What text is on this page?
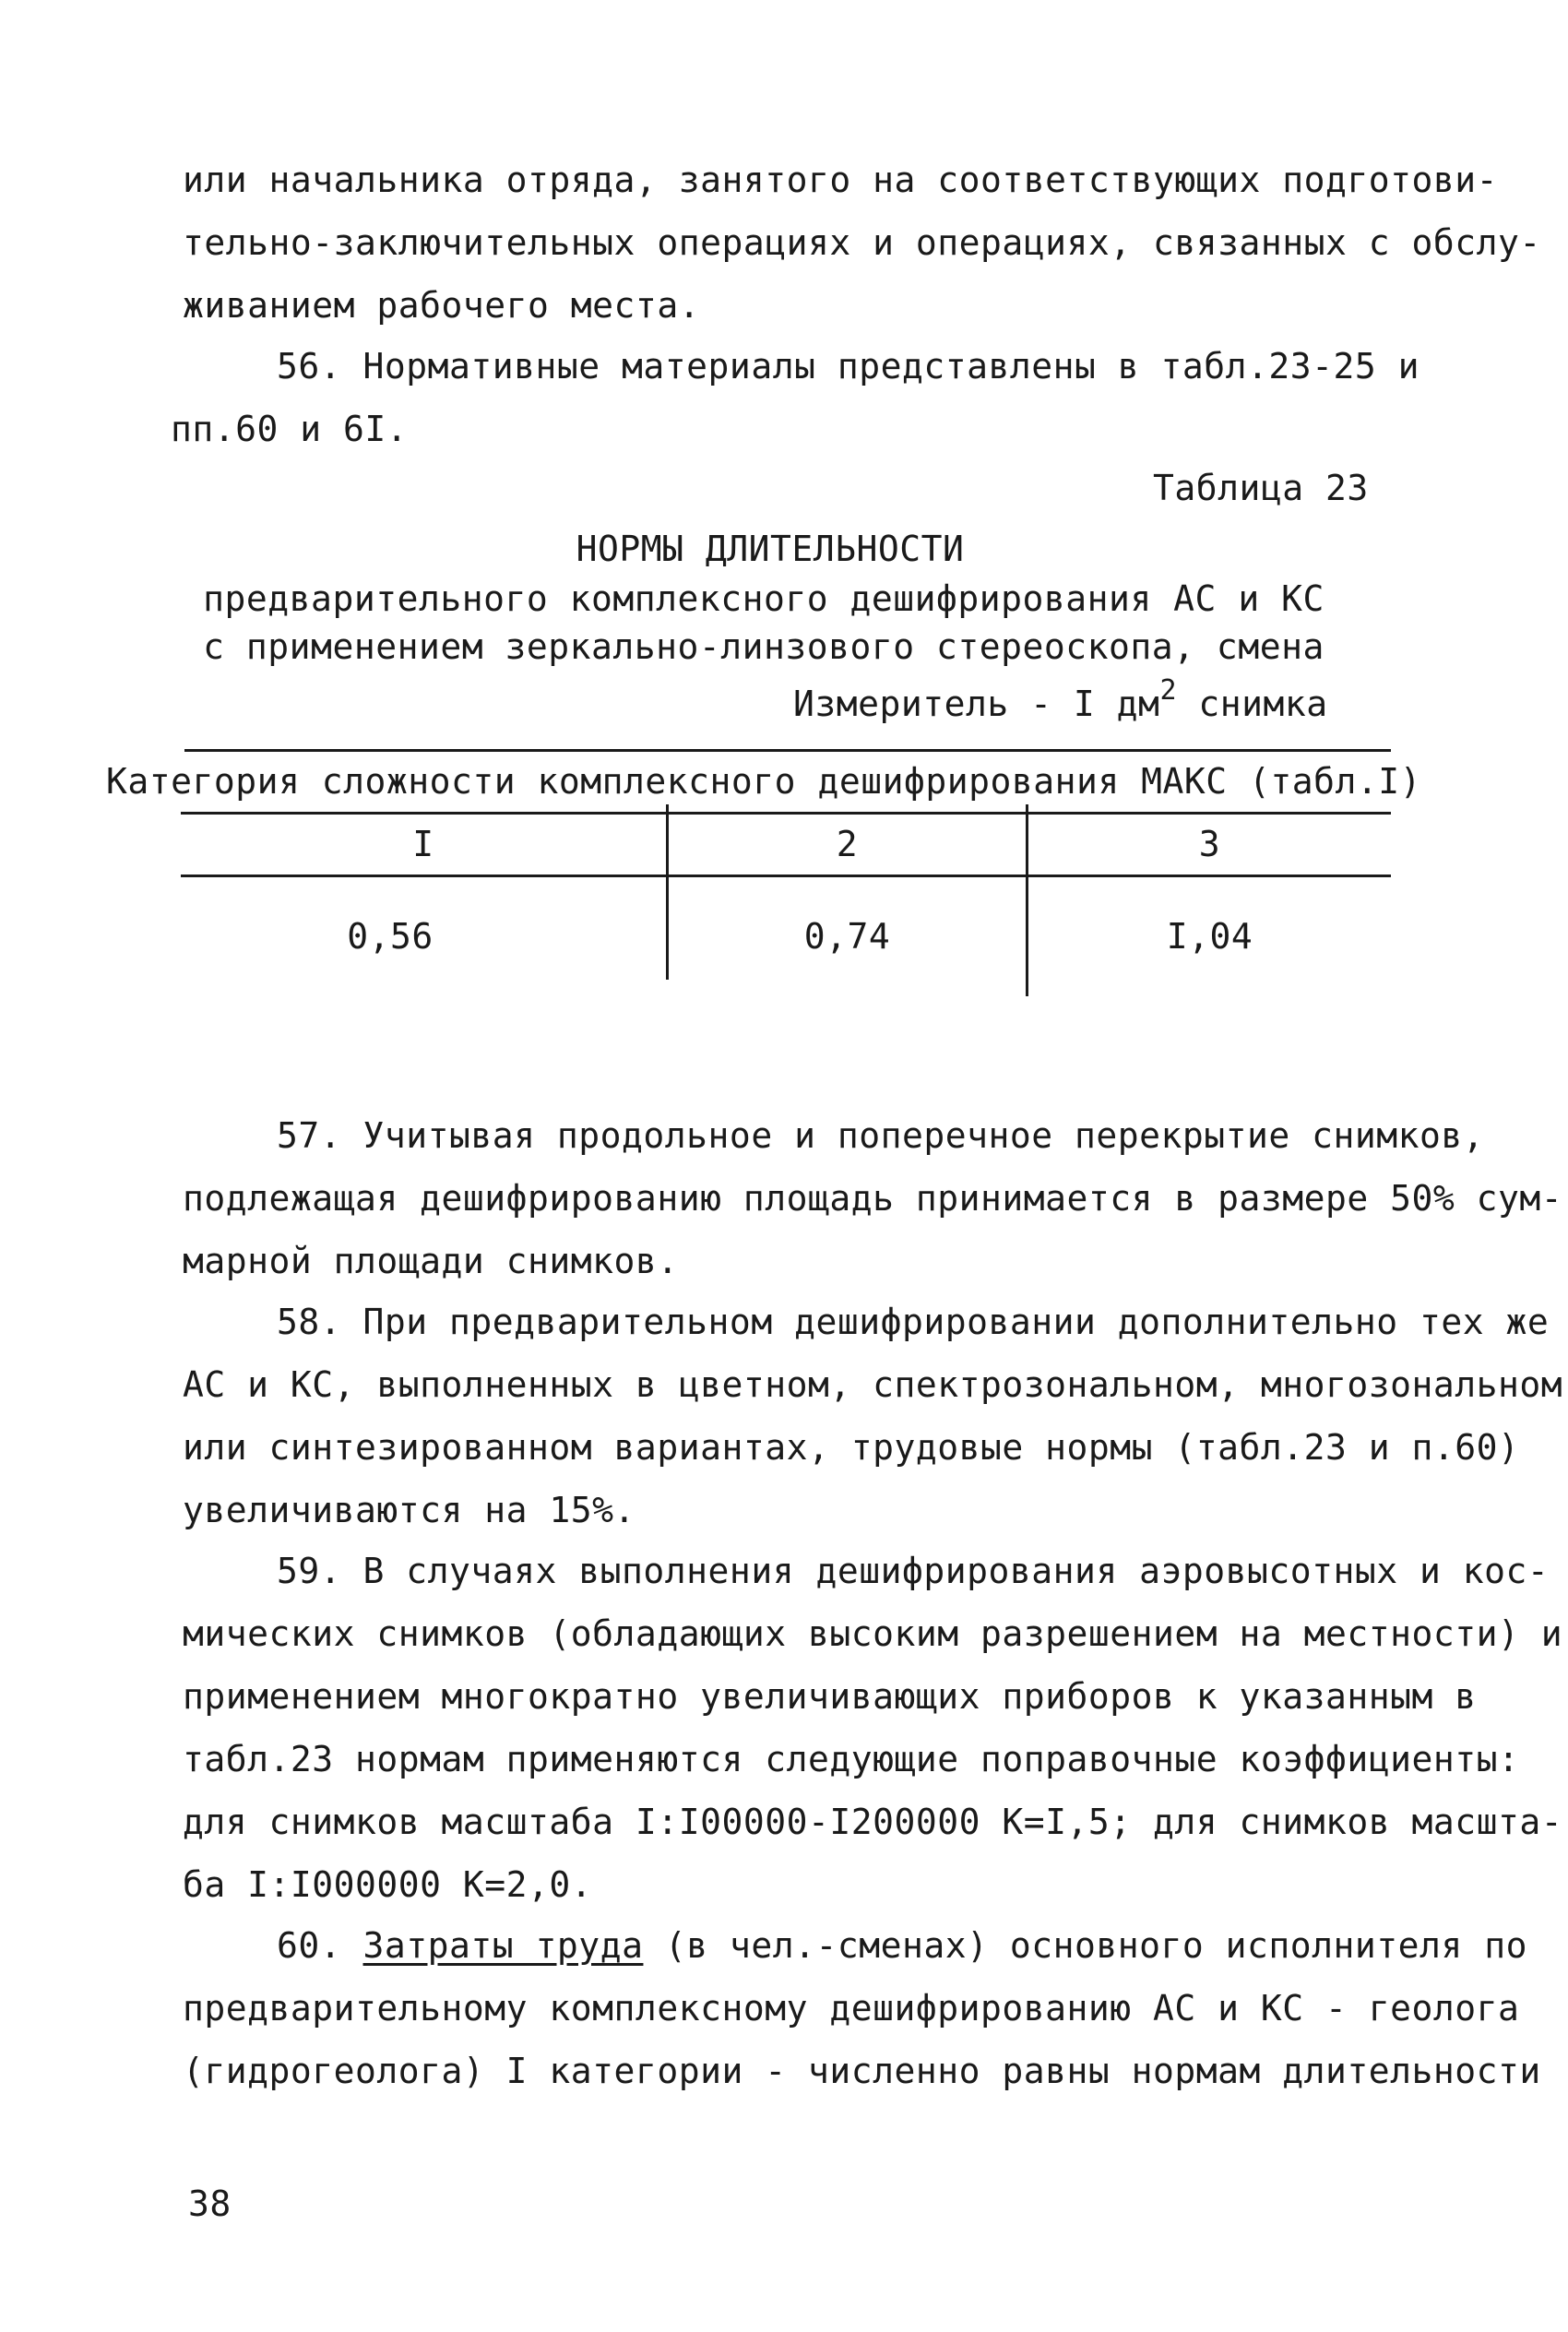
или начальника отряда, занятого на соответствующих подготови-
тельно-заключительных операциях и операциях, связанных с обслу-
живанием рабочего места.
56. Нормативные материалы представлены в табл.23-25 и
пп.60 и 6I.
Таблица 23
НОРМЫ ДЛИТЕЛЬНОСТИ
предварительного комплексного дешифрирования АС и КС
с применением зеркально-линзового стереоскопа, смена
Измеритель - I $дм^2$ снимка
Категория сложности комплексного дешифрирования МАКС (табл.I)
I	2	3
0,56	0,74	I,04
57. Учитывая продольное и поперечное перекрытие снимков,
подлежащая дешифрированию площадь принимается в размере 50% сум-
марной площади снимков.
58. При предварительном дешифрировании дополнительно тех же
АС и КС, выполненных в цветном, спектрозональном, многозональном
или синтезированном вариантах, трудовые нормы (табл.23 и п.60)
увеличиваются на 15%.
59. В случаях выполнения дешифрирования аэровысотных и кос-
мических снимков (обладающих высоким разрешением на местности) и
применением многократно увеличивающих приборов к указанным в
табл.23 нормам применяются следующие поправочные коэффициенты:
для снимков масштаба I:I00000-I200000 К=I,5; для снимков масшта-
ба I:I000000 К=2,0.
60. Затраты труда (в чел.-сменах) основного исполнителя по
предварительному комплексному дешифрированию АС и КС - геолога
(гидрогеолога) I категории - численно равны нормам длительности
38
